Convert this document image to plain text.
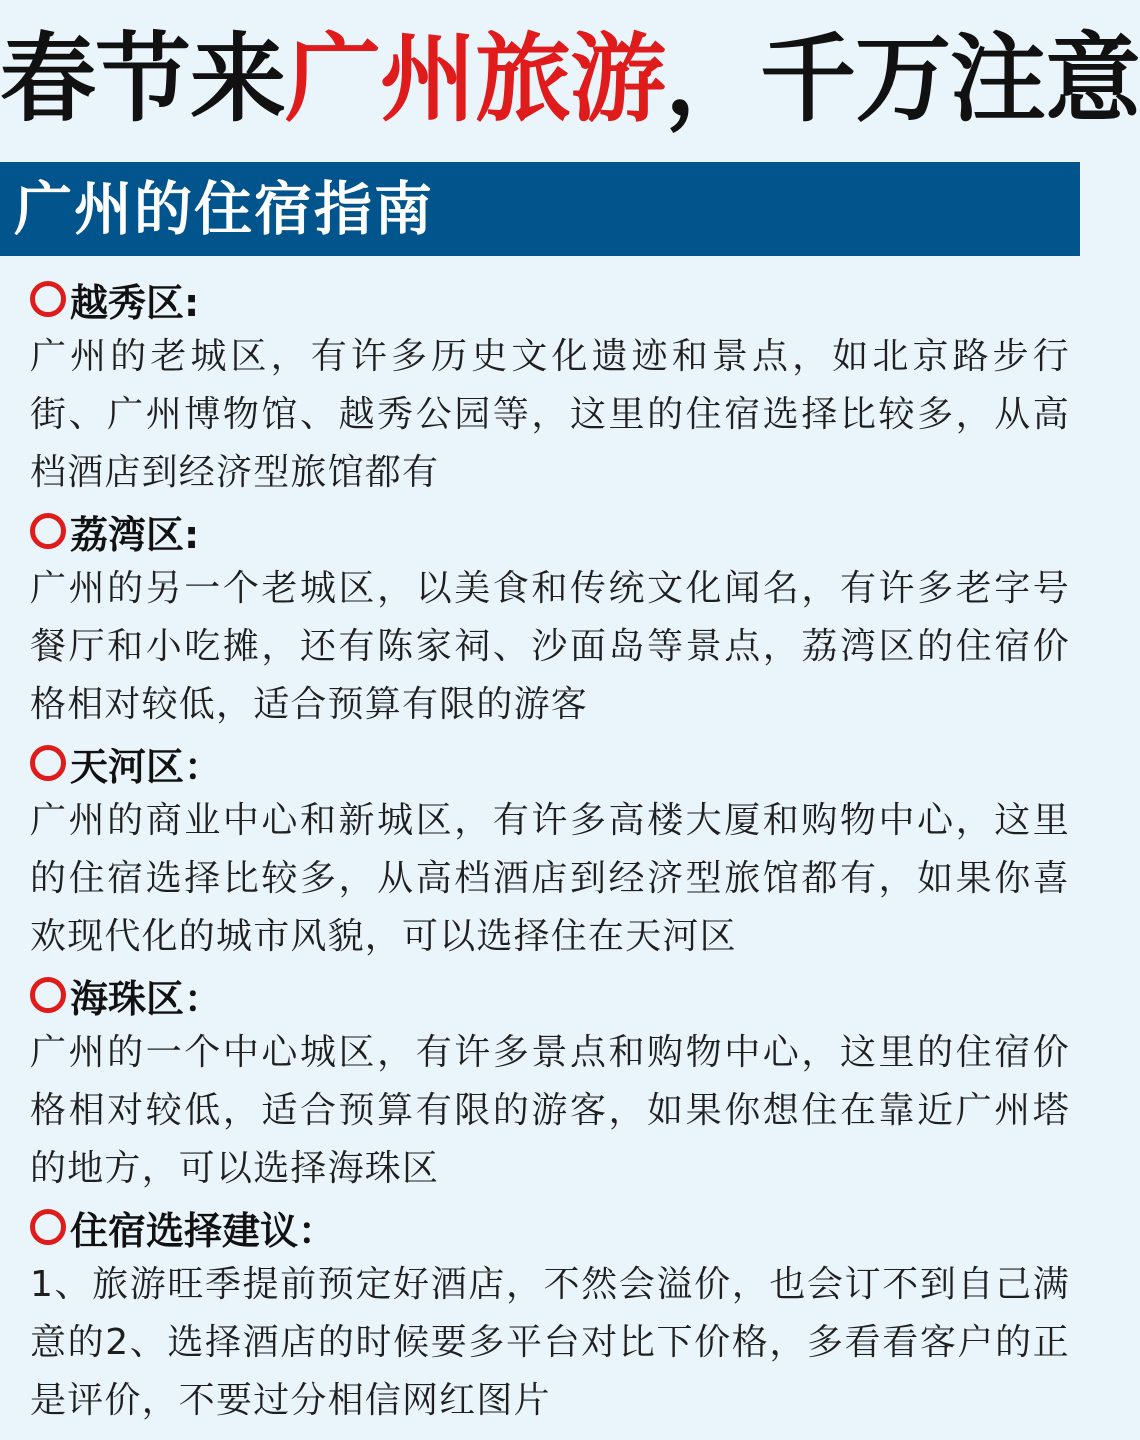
春节来广州旅游，千万注意
广州的住宿指南
越秀区:
广州的老城区，有许多历史文化遗迹和景点，如北京路步行街、广州博物馆、越秀公园等，这里的住宿选择比较多，从高档酒店到经济型旅馆都有
荔湾区:
广州的另一个老城区，以美食和传统文化闻名，有许多老字号餐厅和小吃摊，还有陈家祠、沙面岛等景点，荔湾区的住宿价格相对较低，适合预算有限的游客
天河区：
广州的商业中心和新城区，有许多高楼大厦和购物中心，这里的住宿选择比较多，从高档酒店到经济型旅馆都有，如果你喜欢现代化的城市风貌，可以选择住在天河区
海珠区：
广州的一个中心城区，有许多景点和购物中心，这里的住宿价格相对较低，适合预算有限的游客，如果你想住在靠近广州塔的地方，可以选择海珠区
住宿选择建议：
1、旅游旺季提前预定好酒店，不然会溢价，也会订不到自己满意的2、选择酒店的时候要多平台对比下价格，多看看客户的正是评价，不要过分相信网红图片
